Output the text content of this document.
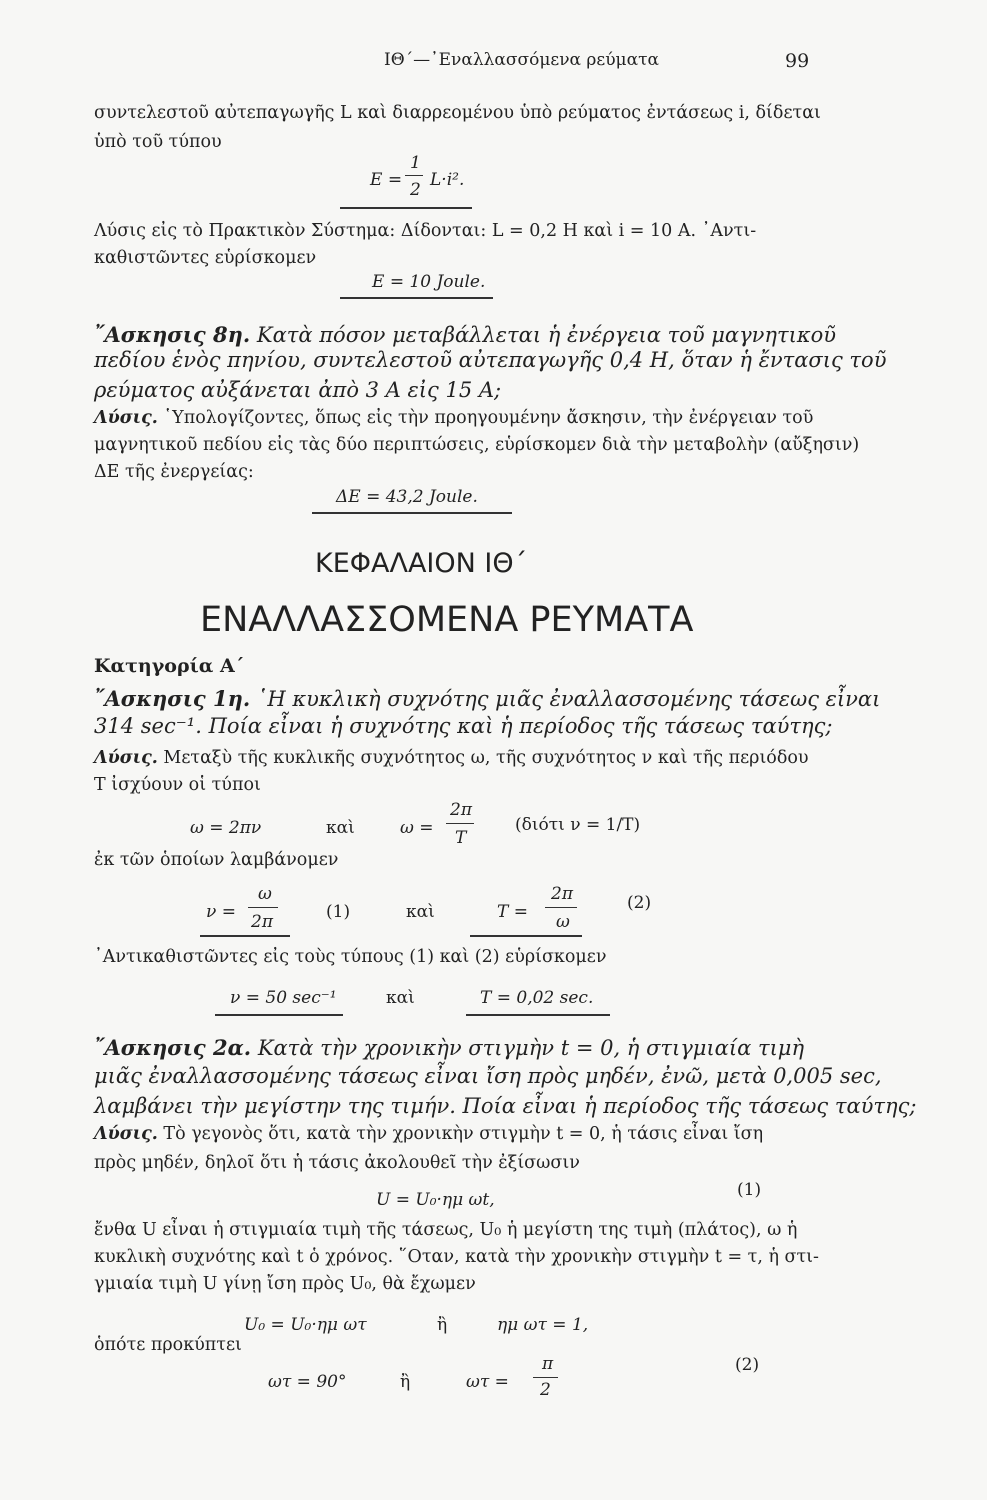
ΙΘ΄—᾿Εναλλασσόμενα ρεύματα	99
συντελεστοῦ αὐτεπαγωγῆς L καὶ διαρρεομένου ὑπὸ ρεύματος ἐντάσεως i, δίδεται
ὑπὸ τοῦ τύπου
E =
1
2 L·i².
Λύσις εἰς τὸ Πρακτικὸν Σύστημα: Δίδονται: L = 0,2 H καὶ i = 10 A. ᾿Αντι-
καθιστῶντες εὑρίσκομεν
E = 10 Joule.
῎Ασκησις 8η. Κατὰ πόσον μεταβάλλεται ἡ ἐνέργεια τοῦ μαγνητικοῦ
πεδίου ἑνὸς πηνίου, συντελεστοῦ αὐτεπαγωγῆς 0,4 H, ὅταν ἡ ἔντασις τοῦ
ρεύματος αὐξάνεται ἀπὸ 3 A εἰς 15 A;
Λύσις. ῾Υπολογίζοντες, ὅπως εἰς τὴν προηγουμένην ἄσκησιν, τὴν ἐνέργειαν τοῦ
μαγνητικοῦ πεδίου εἰς τὰς δύο περιπτώσεις, εὑρίσκομεν διὰ τὴν μεταβολὴν (αὔξησιν)
ΔE τῆς ἐνεργείας:
ΔE = 43,2 Joule.
ΚΕΦΑΛΑΙΟΝ ΙΘ΄
ΕΝΑΛΛΑΣΣΟΜΕΝΑ ΡΕΥΜΑΤΑ
Κατηγορία Α΄
῎Ασκησις 1η. ῾Η κυκλικὴ συχνότης μιᾶς ἐναλλασσομένης τάσεως εἶναι
314 sec⁻¹. Ποία εἶναι ἡ συχνότης καὶ ἡ περίοδος τῆς τάσεως ταύτης;
Λύσις. Μεταξὺ τῆς κυκλικῆς συχνότητος ω, τῆς συχνότητος ν καὶ τῆς περιόδου
T ἰσχύουν οἱ τύποι
ω = 2πν	καὶ	ω =
2π
T
(διότι ν = 1/T)
ἐκ τῶν ὁποίων λαμβάνομεν
ν =
ω
2π	(1)	καὶ	T =
2π
ω
(2)
᾿Αντικαθιστῶντες εἰς τοὺς τύπους (1) καὶ (2) εὑρίσκομεν
ν = 50 sec⁻¹	καὶ	T = 0,02 sec.
῎Ασκησις 2α. Κατὰ τὴν χρονικὴν στιγμὴν t = 0, ἡ στιγμιαία τιμὴ
μιᾶς ἐναλλασσομένης τάσεως εἶναι ἴση πρὸς μηδέν, ἐνῶ, μετὰ 0,005 sec,
λαμβάνει τὴν μεγίστην της τιμήν. Ποία εἶναι ἡ περίοδος τῆς τάσεως ταύτης;
Λύσις. Τὸ γεγονὸς ὅτι, κατὰ τὴν χρονικὴν στιγμὴν t = 0, ἡ τάσις εἶναι ἴση
πρὸς μηδέν, δηλοῖ ὅτι ἡ τάσις ἀκολουθεῖ τὴν ἐξίσωσιν
U = U₀·ημ ωt,	(1)
ἔνθα U εἶναι ἡ στιγμιαία τιμὴ τῆς τάσεως, U₀ ἡ μεγίστη της τιμὴ (πλάτος), ω ἡ
κυκλικὴ συχνότης καὶ t ὁ χρόνος. ῞Οταν, κατὰ τὴν χρονικὴν στιγμὴν t = τ, ἡ στι-
γμιαία τιμὴ U γίνῃ ἴση πρὸς U₀, θὰ ἔχωμεν
U₀ = U₀·ημ ωτ	ἢ	ημ ωτ = 1,
ὁπότε προκύπτει
ωτ = 90°	ἢ	ωτ =
π
2
(2)
